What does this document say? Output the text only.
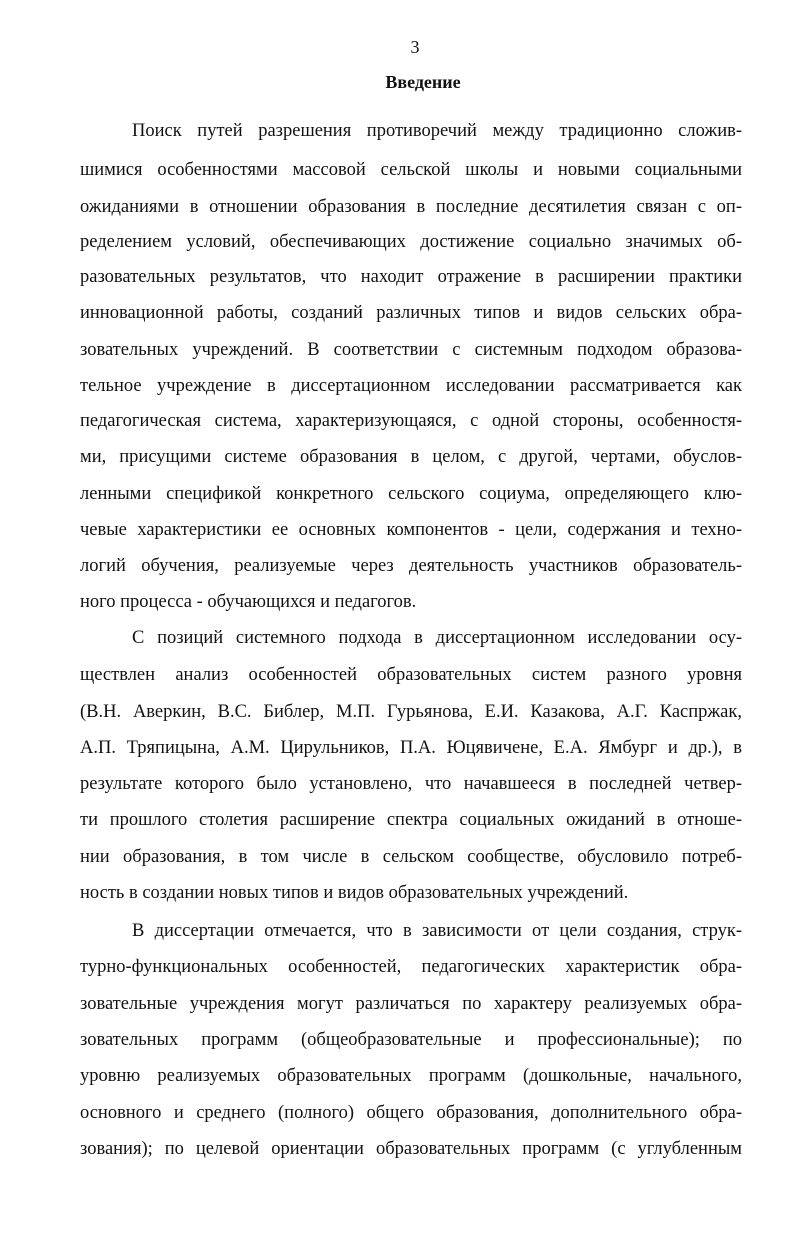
3
Введение
Поиск путей разрешения противоречий между традиционно сложив-
шимися особенностями массовой сельской школы и новыми социальными
ожиданиями в отношении образования в последние десятилетия связан с оп-
ределением условий, обеспечивающих достижение социально значимых об-
разовательных результатов, что находит отражение в расширении практики
инновационной работы, созданий различных типов и видов сельских обра-
зовательных учреждений. В соответствии с системным подходом образова-
тельное учреждение в диссертационном исследовании рассматривается как
педагогическая система, характеризующаяся, с одной стороны, особенностя-
ми, присущими системе образования в целом, с другой, чертами, обуслов-
ленными спецификой конкретного сельского социума, определяющего клю-
чевые характеристики ее основных компонентов - цели, содержания и техно-
логий обучения, реализуемые через деятельность участников образователь-
ного процесса - обучающихся и педагогов.
С позиций системного подхода в диссертационном исследовании осу-
ществлен анализ особенностей образовательных систем разного уровня
(В.Н. Аверкин, В.С. Библер, М.П. Гурьянова, Е.И. Казакова, А.Г. Каспржак,
А.П. Тряпицына, А.М. Цирульников, П.А. Юцявичене, Е.А. Ямбург и др.), в
результате которого было установлено, что начавшееся в последней четвер-
ти прошлого столетия расширение спектра социальных ожиданий в отноше-
нии образования, в том числе в сельском сообществе, обусловило потреб-
ность в создании новых типов и видов образовательных учреждений.
В диссертации отмечается, что в зависимости от цели создания, струк-
турно-функциональных особенностей, педагогических характеристик обра-
зовательные учреждения могут различаться по характеру реализуемых обра-
зовательных программ (общеобразовательные и профессиональные); по
уровню реализуемых образовательных программ (дошкольные, начального,
основного и среднего (полного) общего образования, дополнительного обра-
зования); по целевой ориентации образовательных программ (с углубленным
